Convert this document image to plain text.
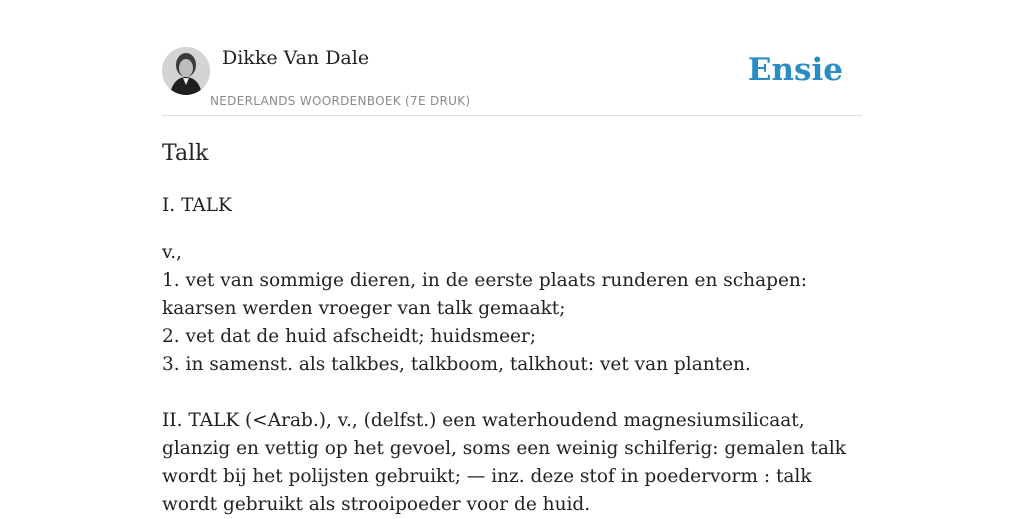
Dikke Van Dale
NEDERLANDS WOORDENBOEK (7E DRUK)
Ensie
Talk

I. TALK

v.,

1. vet van sommige dieren, in de eerste plaats runderen en schapen: kaarsen werden vroeger van talk gemaakt;

2. vet dat de huid afscheidt; huidsmeer;

3. in samenst. als talkbes, talkboom, talkhout: vet van planten.

II. TALK (<Arab.), v., (delfst.) een waterhoudend magnesiumsilicaat, glanzig en vettig op het gevoel, soms een weinig schilferig: gemalen talk wordt bij het polijsten gebruikt; — inz. deze stof in poedervorm : talk wordt gebruikt als strooipoeder voor de huid.
